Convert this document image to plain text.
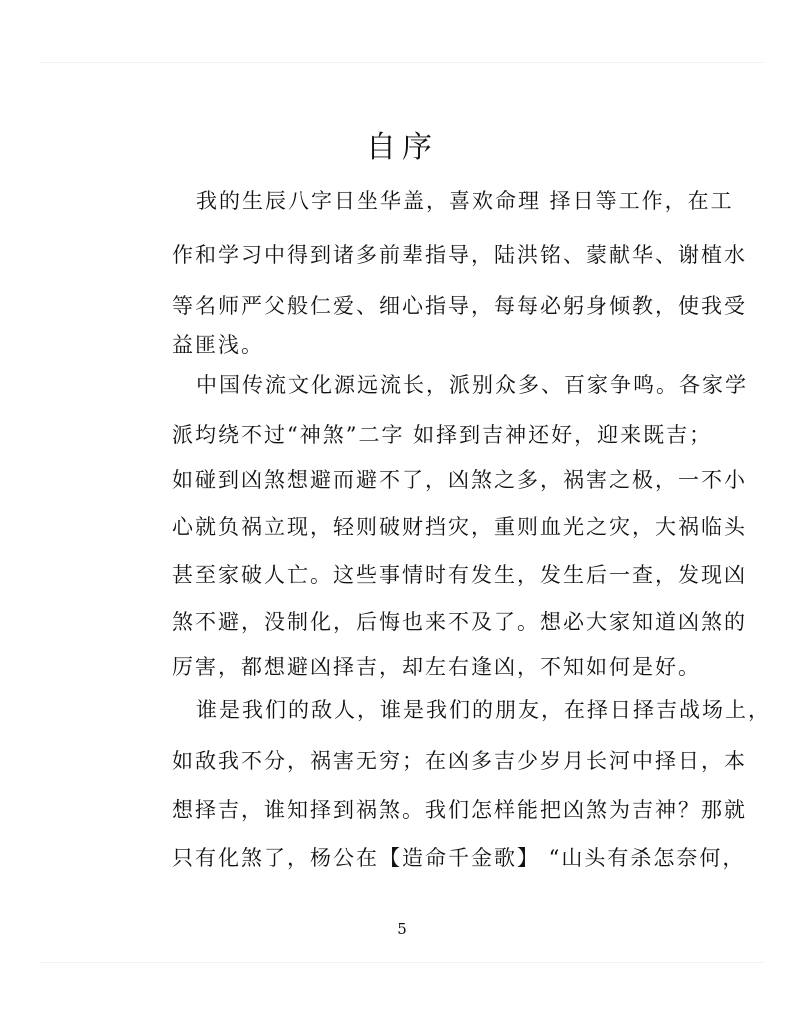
自序

我的生辰八字日坐华盖，喜欢命理 择日等工作，在工

作和学习中得到诸多前辈指导，陆洪铭、蒙献华、谢植水

等名师严父般仁爱、细心指导，每每必躬身倾教，使我受

益匪浅。

中国传流文化源远流长，派别众多、百家争鸣。各家学

派均绕不过“神煞”二字 如择到吉神还好，迎来既吉；

如碰到凶煞想避而避不了，凶煞之多，祸害之极，一不小

心就负祸立现，轻则破财挡灾，重则血光之灾，大祸临头

甚至家破人亡。这些事情时有发生，发生后一查，发现凶

煞不避，没制化，后悔也来不及了。想必大家知道凶煞的

厉害，都想避凶择吉，却左右逢凶，不知如何是好。

谁是我们的敌人，谁是我们的朋友，在择日择吉战场上，

如敌我不分，祸害无穷；在凶多吉少岁月长河中择日，本

想择吉，谁知择到祸煞。我们怎样能把凶煞为吉神？那就

只有化煞了，杨公在【造命千金歌】 “山头有杀怎奈何，

5
